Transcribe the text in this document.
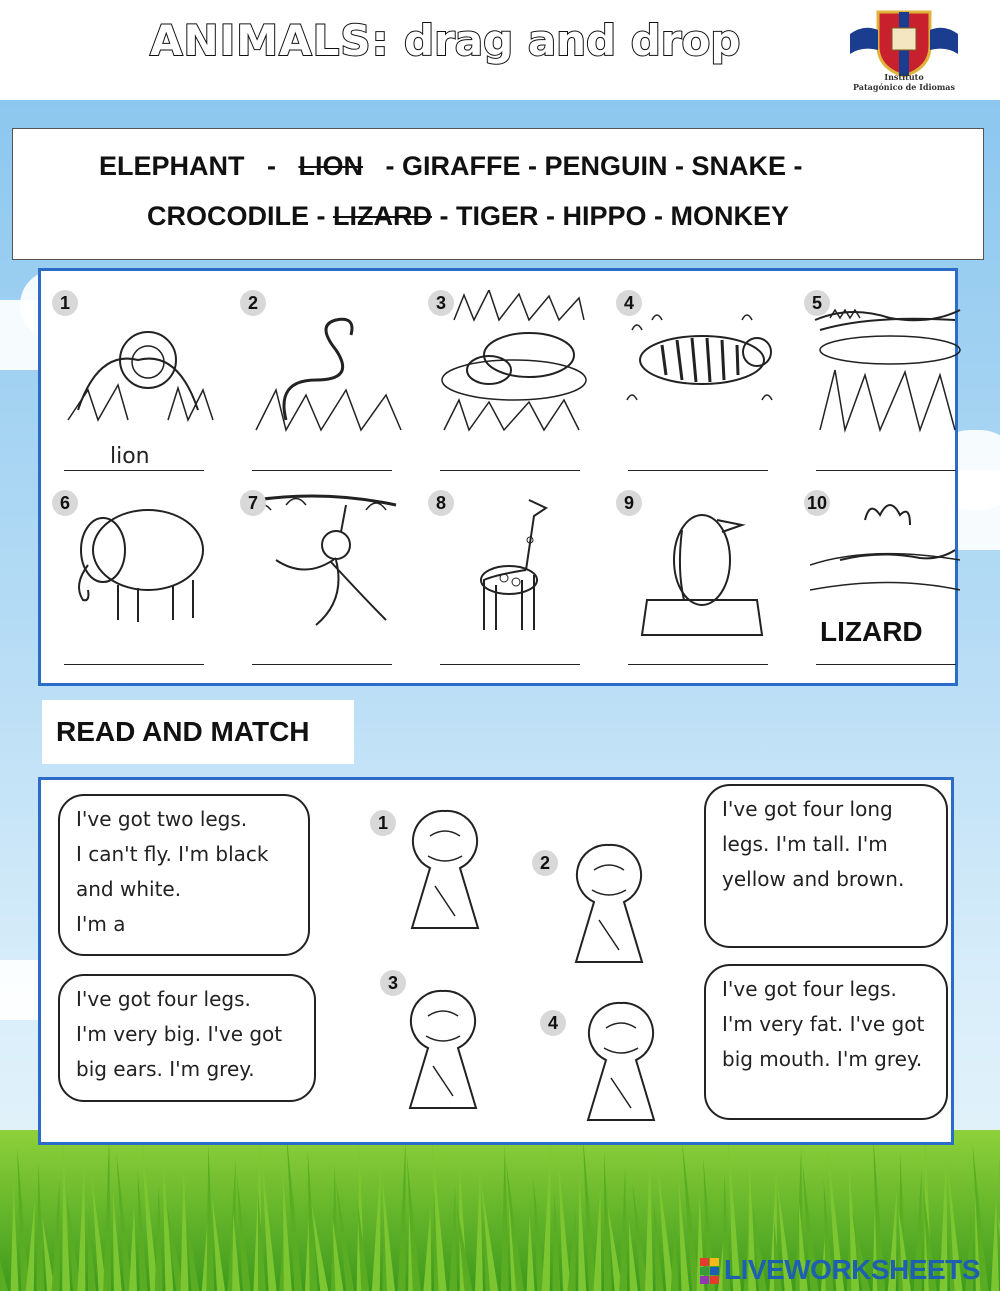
ANIMALS: drag and drop
Instituto
Patagónico de Idiomas
ELEPHANT   -   LION   - GIRAFFE - PENGUIN - SNAKE -
CROCODILE - LIZARD - TIGER - HIPPO - MONKEY
1
lion
2	3	4	5
6	7	8	9	10
LIZARD
READ AND MATCH
I've got two legs.
I can't fly. I'm black
and white.
I'm a
I've got four legs.
I'm very big. I've got
big ears. I'm grey.
I've got four long
legs. I'm tall. I'm
yellow and brown.
I've got four legs.
I'm very fat. I've got
big mouth. I'm grey.
1
2
3
4
LIVEWORKSHEETS
